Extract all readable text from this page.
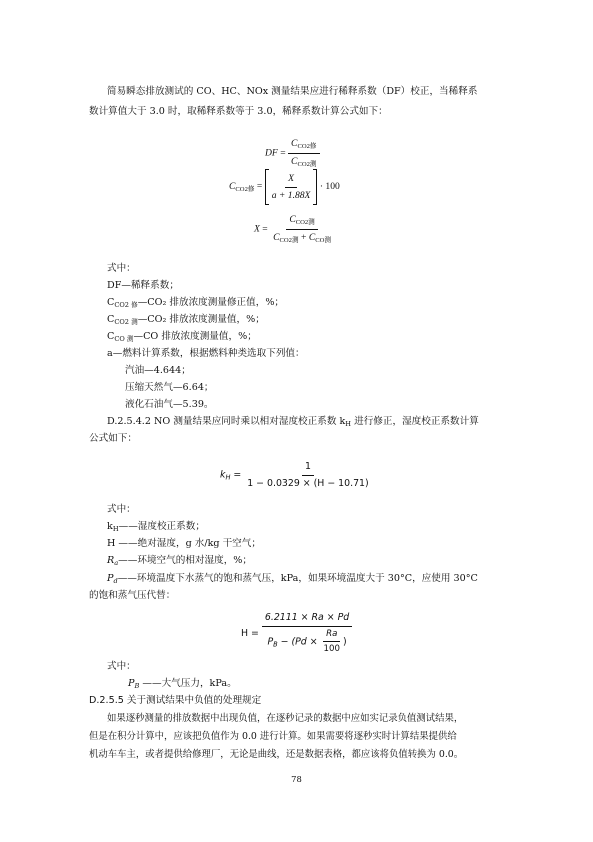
简易瞬态排放测试的 CO、HC、NOx 测量结果应进行稀释系数（DF）校正，当稀释系

数计算值大于 3.0 时，取稀释系数等于 3.0，稀释系数计算公式如下：

DF = $\frac{C_{CO2修}}{C_{CO2测}}$
$C_{CO2修} = \frac{X}{a + 1.88X} \cdot 100$
$X = \frac{C_{CO2测}}{C_{CO2测} + C_{CO测}}$

式中：

DF—稀释系数；

$C_{CO2 修}—CO_2$ 排放浓度测量修正值，%；

$C_{CO2 测}—CO_2$ 排放浓度测量值，%；

$C_{CO 测}—CO$ 排放浓度测量值，%；

a—燃料计算系数，根据燃料种类选取下列值：

汽油—4.644；

压缩天然气—6.64；

液化石油气—5.39。

D.2.5.4.2 NO 测量结果应同时乘以相对湿度校正系数 $k_H$ 进行修正，湿度校正系数计算

公式如下：

$k_H = \frac{1}{1 - 0.0329 \times (H - 10.71)}$

式中：

$k_H——$湿度校正系数；

H ——绝对湿度，g 水/kg 干空气；

$R_a——$环境空气的相对湿度，%；

$P_d——$环境温度下水蒸气的饱和蒸气压，kPa，如果环境温度大于 30°C，应使用 30°C

的饱和蒸气压代替：

$H = \frac{6.2111 \times Ra \times Pd}{P_B - (Pd \times \frac{Ra}{100} )}$

式中：

$P_B$ ——大气压力，kPa。

D.2.5.5 关于测试结果中负值的处理规定

如果逐秒测量的排放数据中出现负值，在逐秒记录的数据中应如实记录负值测试结果，

但是在积分计算中，应该把负值作为 0.0 进行计算。如果需要将逐秒实时计算结果提供给

机动车车主，或者提供给修理厂，无论是曲线，还是数据表格，都应该将负值转换为 0.0。

78
